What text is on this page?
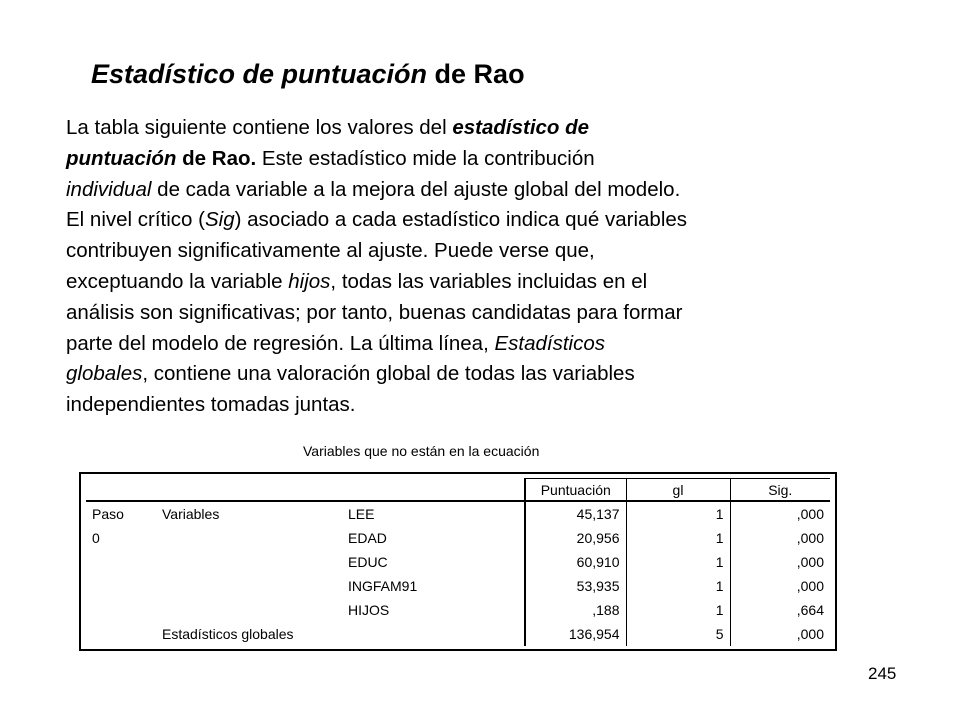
Estadístico de puntuación de Rao
La tabla siguiente contiene los valores del estadístico de
puntuación de Rao. Este estadístico mide la contribución
individual de cada variable a la mejora del ajuste global del modelo.
El nivel crítico (Sig) asociado a cada estadístico indica qué variables
contribuyen significativamente al ajuste. Puede verse que,
exceptuando la variable hijos, todas las variables incluidas en el
análisis son significativas; por tanto, buenas candidatas para formar
parte del modelo de regresión. La última línea, Estadísticos
globales, contiene una valoración global de todas las variables
independientes tomadas juntas.
Variables que no están en la ecuación
			Puntuación	gl	Sig.
Paso	Variables	LEE	45,137	1	,000
0		EDAD	20,956	1	,000
		EDUC	60,910	1	,000
		INGFAM91	53,935	1	,000
		HIJOS	,188	1	,664
	Estadísticos globales		136,954	5	,000
245
